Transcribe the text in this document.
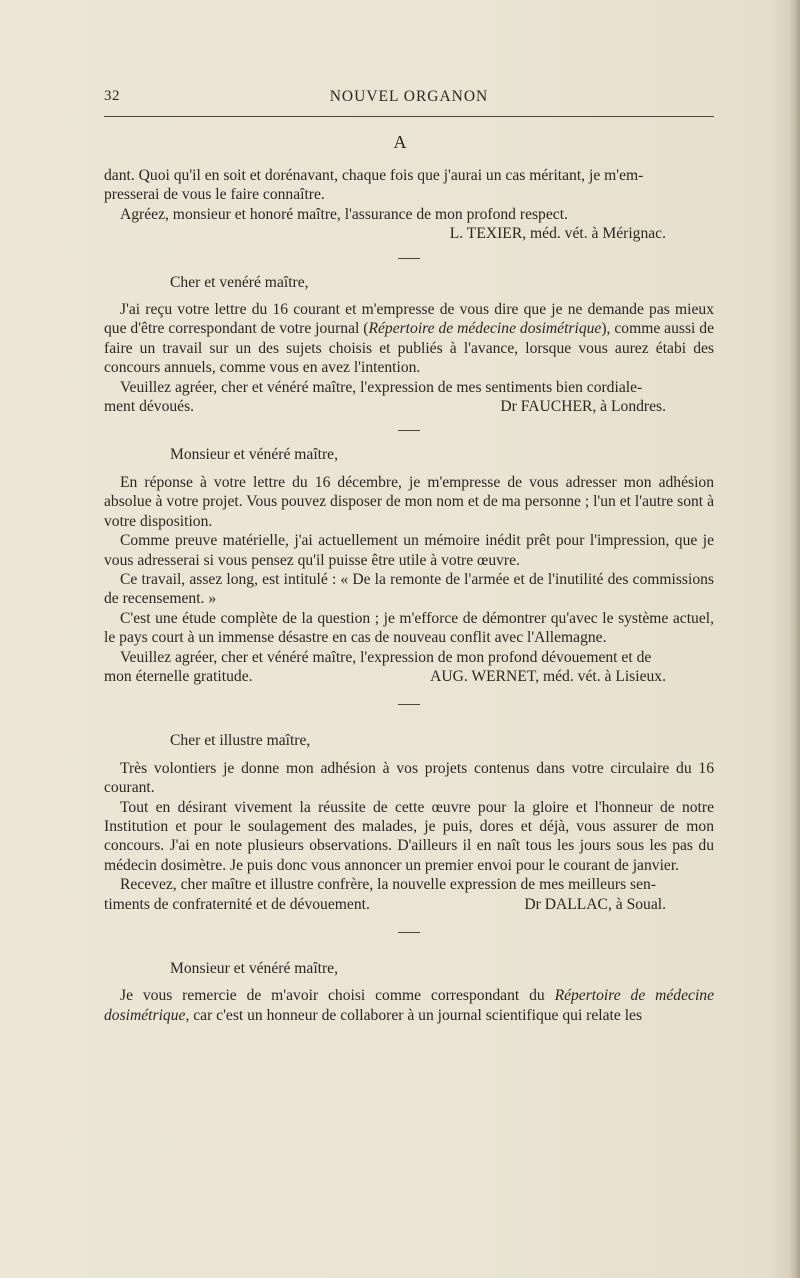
32	NOUVEL ORGANON
A

dant. Quoi qu'il en soit et dorénavant, chaque fois que j'aurai un cas méritant, je m'em-
presserai de vous le faire connaître.

Agréez, monsieur et honoré maître, l'assurance de mon profond respect.

L. TEXIER, méd. vét. à Mérignac.

Cher et venéré maître,

J'ai reçu votre lettre du 16 courant et m'empresse de vous dire que je ne demande pas mieux que d'être correspondant de votre journal (Répertoire de médecine dosimétrique), comme aussi de faire un travail sur un des sujets choisis et publiés à l'avance, lorsque vous aurez étabi des concours annuels, comme vous en avez l'intention.

Veuillez agréer, cher et vénéré maître, l'expression de mes sentiments bien cordiale-

ment dévoués.	Dr FAUCHER, à Londres.

Monsieur et vénéré maître,

En réponse à votre lettre du 16 décembre, je m'empresse de vous adresser mon adhésion absolue à votre projet. Vous pouvez disposer de mon nom et de ma personne ; l'un et l'autre sont à votre disposition.

Comme preuve matérielle, j'ai actuellement un mémoire inédit prêt pour l'impression, que je vous adresserai si vous pensez qu'il puisse être utile à votre œuvre.

Ce travail, assez long, est intitulé : « De la remonte de l'armée et de l'inutilité des commissions de recensement. »

C'est une étude complète de la question ; je m'efforce de démontrer qu'avec le système actuel, le pays court à un immense désastre en cas de nouveau conflit avec l'Allemagne.

Veuillez agréer, cher et vénéré maître, l'expression de mon profond dévouement et de

mon éternelle gratitude.	AUG. WERNET, méd. vét. à Lisieux.

Cher et illustre maître,

Très volontiers je donne mon adhésion à vos projets contenus dans votre circulaire du 16 courant.

Tout en désirant vivement la réussite de cette œuvre pour la gloire et l'honneur de notre Institution et pour le soulagement des malades, je puis, dores et déjà, vous assurer de mon concours. J'ai en note plusieurs observations. D'ailleurs il en naît tous les jours sous les pas du médecin dosimètre. Je puis donc vous annoncer un premier envoi pour le courant de janvier.

Recevez, cher maître et illustre confrère, la nouvelle expression de mes meilleurs sen-

timents de confraternité et de dévouement.	Dr DALLAC, à Soual.

Monsieur et vénéré maître,

Je vous remercie de m'avoir choisi comme correspondant du Répertoire de médecine dosimétrique, car c'est un honneur de collaborer à un journal scientifique qui relate les
